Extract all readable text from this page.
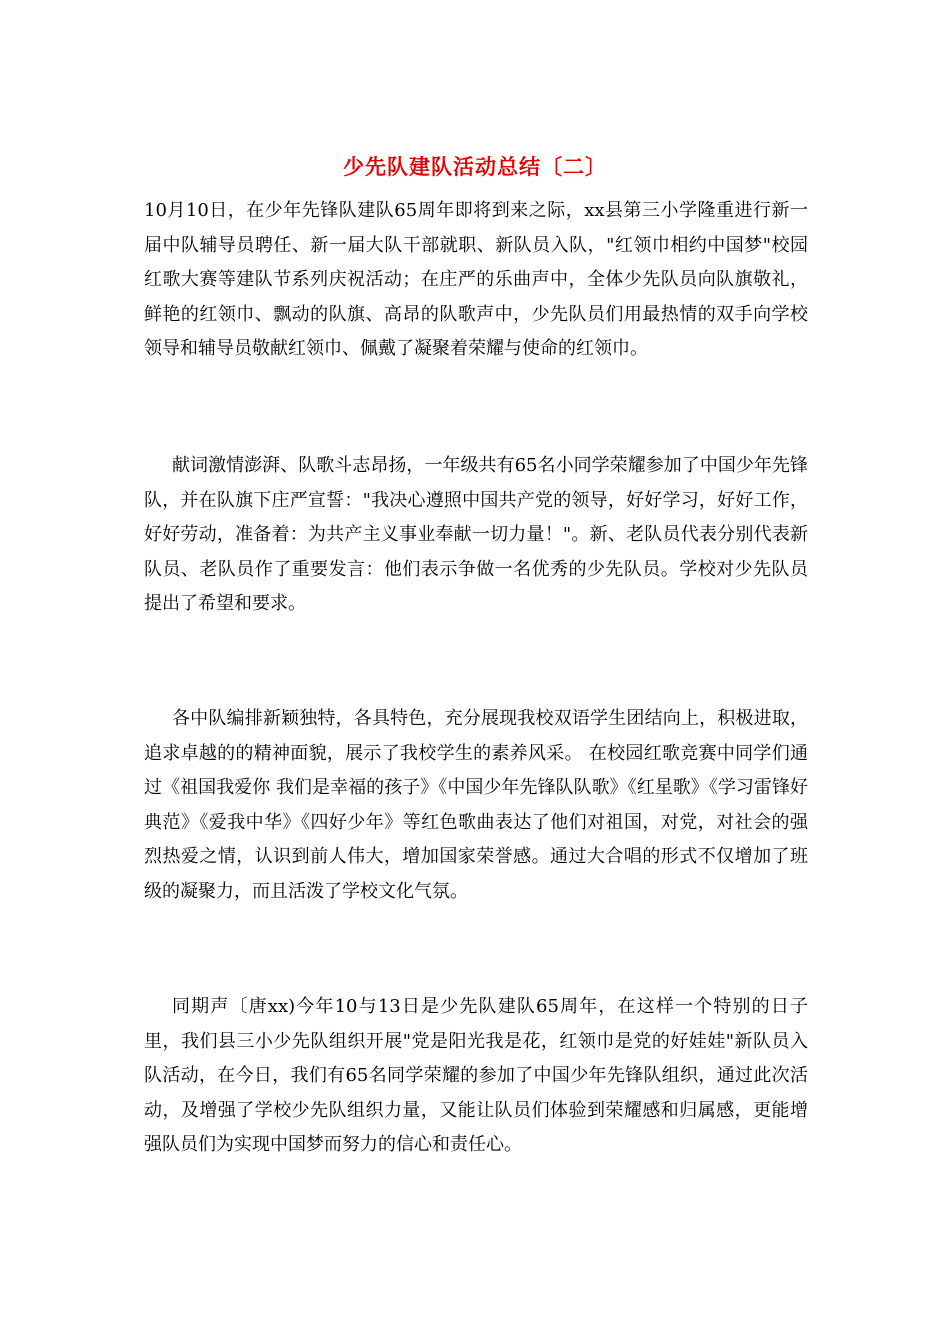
少先队建队活动总结〔二〕

10月10日，在少年先锋队建队65周年即将到来之际，xx县第三小学隆重进行新一届中队辅导员聘任、新一届大队干部就职、新队员入队，"红领巾相约中国梦"校园红歌大赛等建队节系列庆祝活动；在庄严的乐曲声中，全体少先队员向队旗敬礼，鲜艳的红领巾、飘动的队旗、高昂的队歌声中，少先队员们用最热情的双手向学校领导和辅导员敬献红领巾、佩戴了凝聚着荣耀与使命的红领巾。

献词激情澎湃、队歌斗志昂扬，一年级共有65名小同学荣耀参加了中国少年先锋队，并在队旗下庄严宣誓："我决心遵照中国共产党的领导，好好学习，好好工作，好好劳动，准备着：为共产主义事业奉献一切力量！"。新、老队员代表分别代表新队员、老队员作了重要发言：他们表示争做一名优秀的少先队员。学校对少先队员提出了希望和要求。

各中队编排新颖独特，各具特色，充分展现我校双语学生团结向上，积极进取，追求卓越的的精神面貌，展示了我校学生的素养风采。 在校园红歌竞赛中同学们通过《祖国我爱你 我们是幸福的孩子》《中国少年先锋队队歌》《红星歌》《学习雷锋好典范》《爱我中华》《四好少年》等红色歌曲表达了他们对祖国，对党，对社会的强烈热爱之情，认识到前人伟大，增加国家荣誉感。通过大合唱的形式不仅增加了班级的凝聚力，而且活泼了学校文化气氛。

同期声〔唐xx)今年10与13日是少先队建队65周年，在这样一个特别的日子里，我们县三小少先队组织开展"党是阳光我是花，红领巾是党的好娃娃"新队员入队活动，在今日，我们有65名同学荣耀的参加了中国少年先锋队组织，通过此次活动，及增强了学校少先队组织力量，又能让队员们体验到荣耀感和归属感，更能增强队员们为实现中国梦而努力的信心和责任心。
